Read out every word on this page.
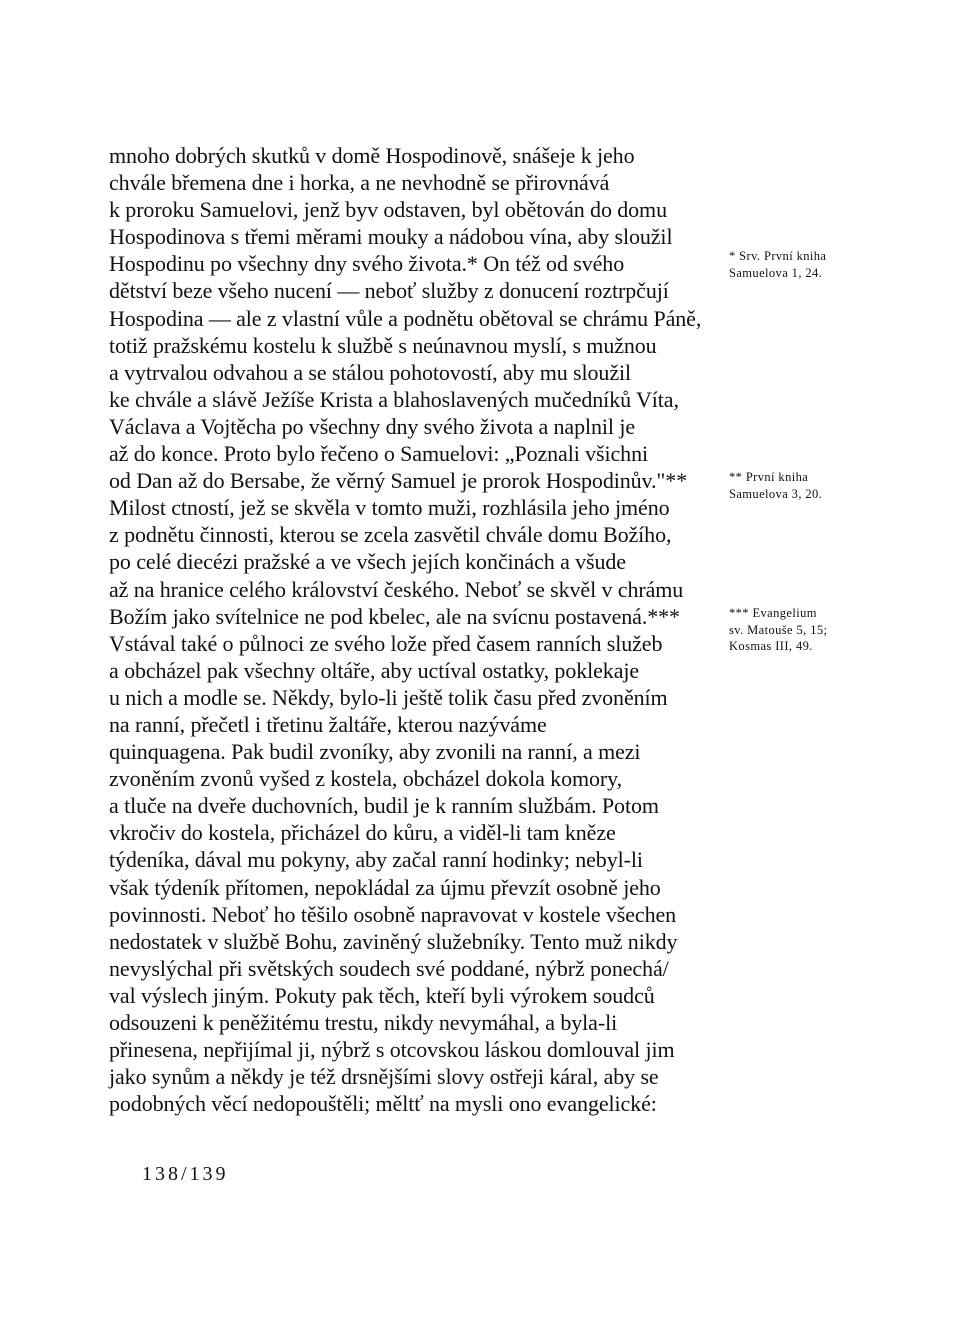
mnoho dobrých skutků v domě Hospodinově, snášeje k jeho
chvále břemena dne i horka, a ne nevhodně se přirovnává
k proroku Samuelovi, jenž byv odstaven, byl obětován do domu
Hospodinova s třemi měrami mouky a nádobou vína, aby sloužil
Hospodinu po všechny dny svého života.* On též od svého
dětství beze všeho nucení — neboť služby z donucení roztrpčují
Hospodina — ale z vlastní vůle a podnětu obětoval se chrámu Páně,
totiž pražskému kostelu k službě s neúnavnou myslí, s mužnou
a vytrvalou odvahou a se stálou pohotovostí, aby mu sloužil
ke chvále a slávě Ježíše Krista a blahoslavených mučedníků Víta,
Václava a Vojtěcha po všechny dny svého života a naplnil je
až do konce. Proto bylo řečeno o Samuelovi: „Poznali všichni
od Dan až do Bersabe, že věrný Samuel je prorok Hospodinův."**
Milost ctností, jež se skvěla v tomto muži, rozhlásila jeho jméno
z podnětu činnosti, kterou se zcela zasvětil chvále domu Božího,
po celé diecézi pražské a ve všech jejích končinách a všude
až na hranice celého království českého. Neboť se skvěl v chrámu
Božím jako svítelnice ne pod kbelec, ale na svícnu postavená.***
Vstával také o půlnoci ze svého lože před časem ranních služeb
a obcházel pak všechny oltáře, aby uctíval ostatky, poklekaje
u nich a modle se. Někdy, bylo-li ještě tolik času před zvoněním
na ranní, přečetl i třetinu žaltáře, kterou nazýváme
quinquagena. Pak budil zvoníky, aby zvonili na ranní, a mezi
zvoněním zvonů vyšed z kostela, obcházel dokola komory,
a tluče na dveře duchovních, budil je k ranním službám. Potom
vkročiv do kostela, přicházel do kůru, a viděl-li tam kněze
týdeníka, dával mu pokyny, aby začal ranní hodinky; nebyl-li
však týdeník přítomen, nepokládal za újmu převzít osobně jeho
povinnosti. Neboť ho těšilo osobně napravovat v kostele všechen
nedostatek v službě Bohu, zaviněný služebníky. Tento muž nikdy
nevyslýchal při světských soudech své poddané, nýbrž ponechá/
val výslech jiným. Pokuty pak těch, kteří byli výrokem soudců
odsouzeni k peněžitému trestu, nikdy nevymáhal, a byla-li
přinesena, nepřijímal ji, nýbrž s otcovskou láskou domlouval jim
jako synům a někdy je též drsnějšími slovy ostřeji káral, aby se
podobných věcí nedopouštěli; měltť na mysli ono evangelické:
* Srv. První kniha
Samuelova 1, 24.
** První kniha
Samuelova 3, 20.
*** Evangelium
sv. Matouše 5, 15;
Kosmas III, 49.
138/139
